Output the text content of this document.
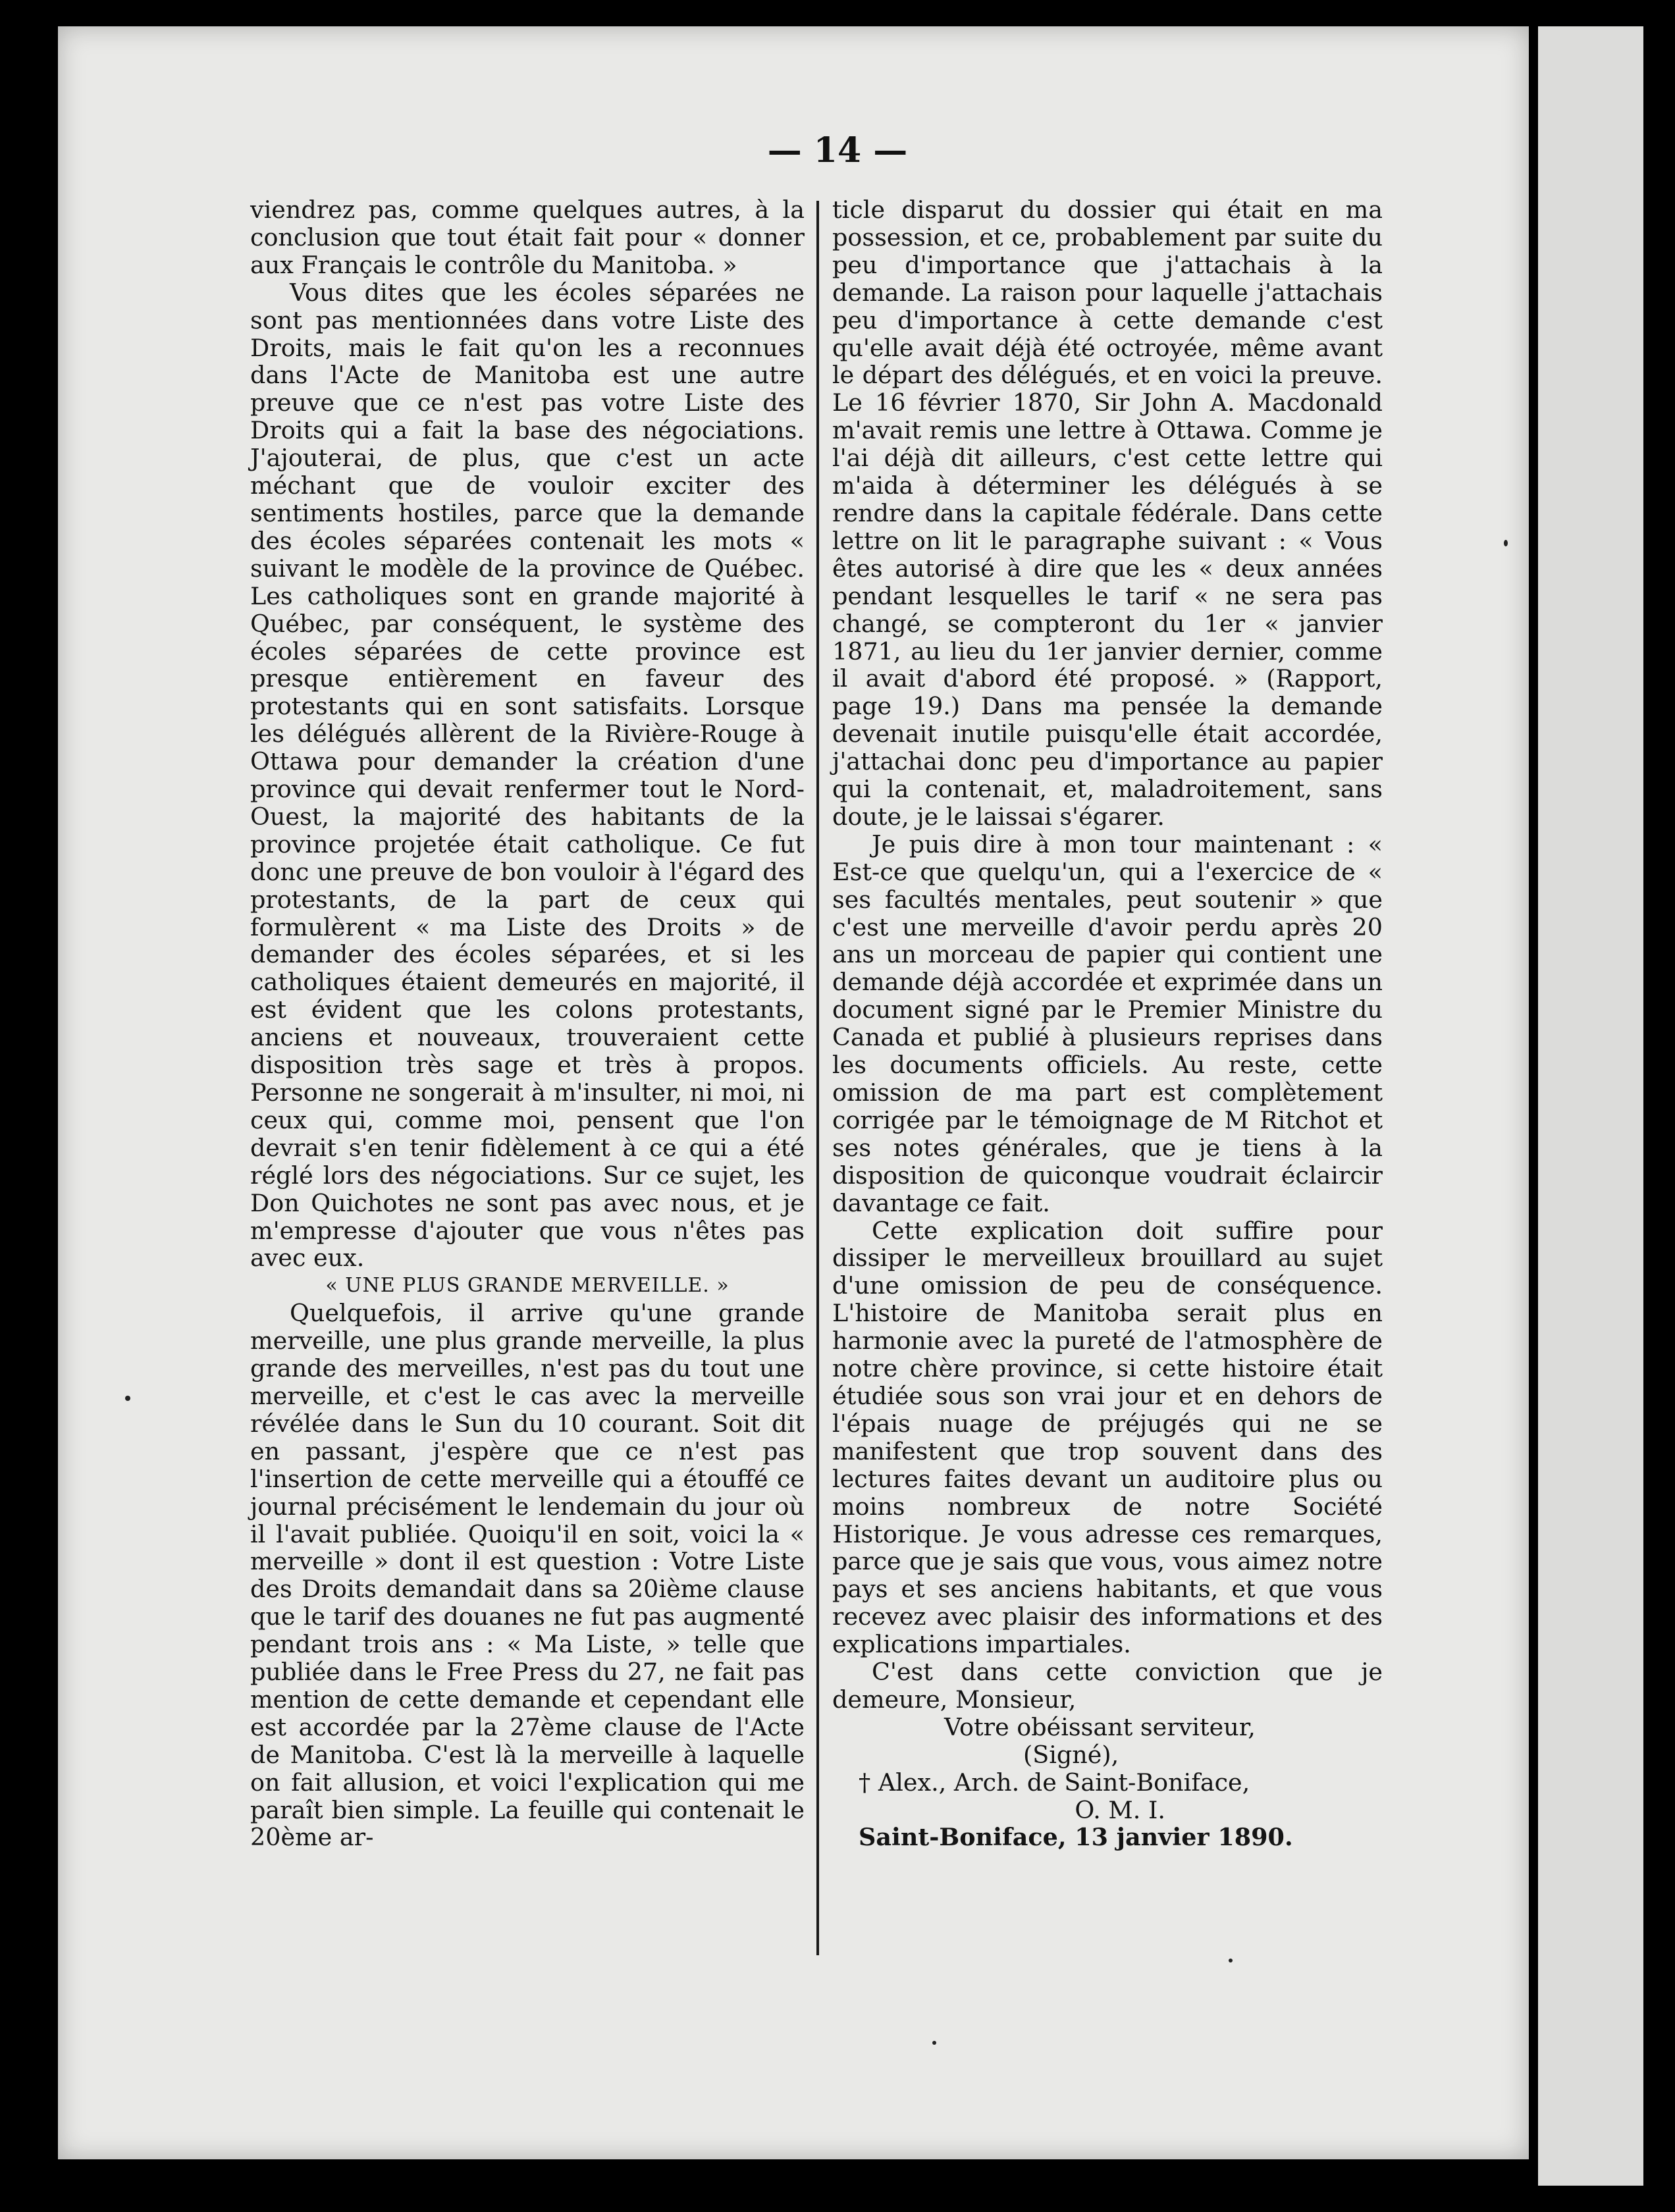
— 14 —

viendrez pas, comme quelques autres, à la conclusion que tout était fait pour « donner aux Français le contrôle du Manitoba. »

Vous dites que les écoles séparées ne sont pas mentionnées dans votre Liste des Droits, mais le fait qu'on les a reconnues dans l'Acte de Manitoba est une autre preuve que ce n'est pas votre Liste des Droits qui a fait la base des négociations. J'ajouterai, de plus, que c'est un acte méchant que de vouloir exciter des sentiments hostiles, parce que la demande des écoles séparées contenait les mots « suivant le modèle de la province de Québec. Les catholiques sont en grande majorité à Québec, par conséquent, le système des écoles séparées de cette province est presque entièrement en faveur des protestants qui en sont satisfaits. Lorsque les délégués allèrent de la Rivière-Rouge à Ottawa pour demander la création d'une province qui devait renfermer tout le Nord-Ouest, la majorité des habitants de la province projetée était catholique. Ce fut donc une preuve de bon vouloir à l'égard des protestants, de la part de ceux qui formulèrent « ma Liste des Droits » de demander des écoles séparées, et si les catholiques étaient demeurés en majorité, il est évident que les colons protestants, anciens et nouveaux, trouveraient cette disposition très sage et très à propos. Personne ne songerait à m'insulter, ni moi, ni ceux qui, comme moi, pensent que l'on devrait s'en tenir fidèlement à ce qui a été réglé lors des négociations. Sur ce sujet, les Don Quichotes ne sont pas avec nous, et je m'empresse d'ajouter que vous n'êtes pas avec eux.

« UNE PLUS GRANDE MERVEILLE. »

Quelquefois, il arrive qu'une grande merveille, une plus grande merveille, la plus grande des merveilles, n'est pas du tout une merveille, et c'est le cas avec la merveille révélée dans le Sun du 10 courant. Soit dit en passant, j'espère que ce n'est pas l'insertion de cette merveille qui a étouffé ce journal précisément le lendemain du jour où il l'avait publiée. Quoiqu'il en soit, voici la « merveille » dont il est question : Votre Liste des Droits demandait dans sa 20ième clause que le tarif des douanes ne fut pas augmenté pendant trois ans : « Ma Liste, » telle que publiée dans le Free Press du 27, ne fait pas mention de cette demande et cependant elle est accordée par la 27ème clause de l'Acte de Manitoba. C'est là la merveille à laquelle on fait allusion, et voici l'explication qui me paraît bien simple. La feuille qui contenait le 20ème ar-

ticle disparut du dossier qui était en ma possession, et ce, probablement par suite du peu d'importance que j'attachais à la demande. La raison pour laquelle j'attachais peu d'importance à cette demande c'est qu'elle avait déjà été octroyée, même avant le départ des délégués, et en voici la preuve. Le 16 février 1870, Sir John A. Macdonald m'avait remis une lettre à Ottawa. Comme je l'ai déjà dit ailleurs, c'est cette lettre qui m'aida à déterminer les délégués à se rendre dans la capitale fédérale. Dans cette lettre on lit le paragraphe suivant : « Vous êtes autorisé à dire que les « deux années pendant lesquelles le tarif « ne sera pas changé, se compteront du 1er « janvier 1871, au lieu du 1er janvier dernier, comme il avait d'abord été proposé. » (Rapport, page 19.) Dans ma pensée la demande devenait inutile puisqu'elle était accordée, j'attachai donc peu d'importance au papier qui la contenait, et, maladroitement, sans doute, je le laissai s'égarer.

Je puis dire à mon tour maintenant : « Est-ce que quelqu'un, qui a l'exercice de « ses facultés mentales, peut soutenir » que c'est une merveille d'avoir perdu après 20 ans un morceau de papier qui contient une demande déjà accordée et exprimée dans un document signé par le Premier Ministre du Canada et publié à plusieurs reprises dans les documents officiels. Au reste, cette omission de ma part est complètement corrigée par le témoignage de M Ritchot et ses notes générales, que je tiens à la disposition de quiconque voudrait éclaircir davantage ce fait.

Cette explication doit suffire pour dissiper le merveilleux brouillard au sujet d'une omission de peu de conséquence. L'histoire de Manitoba serait plus en harmonie avec la pureté de l'atmosphère de notre chère province, si cette histoire était étudiée sous son vrai jour et en dehors de l'épais nuage de préjugés qui ne se manifestent que trop souvent dans des lectures faites devant un auditoire plus ou moins nombreux de notre Société Historique. Je vous adresse ces remarques, parce que je sais que vous, vous aimez notre pays et ses anciens habitants, et que vous recevez avec plaisir des informations et des explications impartiales.

C'est dans cette conviction que je demeure, Monsieur,

Votre obéissant serviteur,
(Signé),
† Alex., Arch. de Saint-Boniface,
O. M. I.
Saint-Boniface, 13 janvier 1890.
